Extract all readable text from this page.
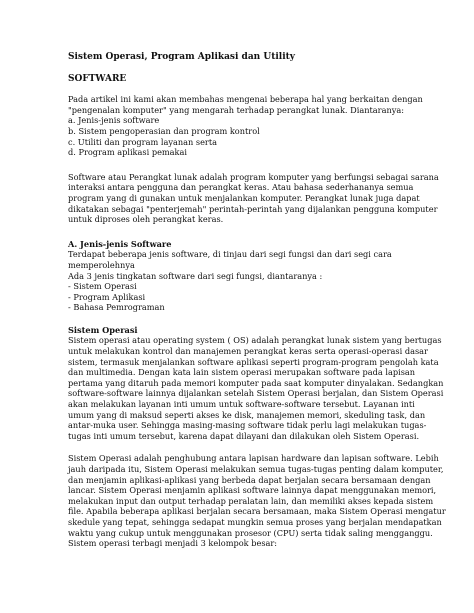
Sistem Operasi, Program Aplikasi dan Utility
SOFTWARE
Pada artikel ini kami akan membahas mengenai beberapa hal yang berkaitan dengan
"pengenalan komputer" yang mengarah terhadap perangkat lunak. Diantaranya:
a. Jenis-jenis software
b. Sistem pengoperasian dan program kontrol
c. Utiliti dan program layanan serta
d. Program aplikasi pemakai
Software atau Perangkat lunak adalah program komputer yang berfungsi sebagai sarana
interaksi antara pengguna dan perangkat keras. Atau bahasa sederhananya semua
program yang di gunakan untuk menjalankan komputer. Perangkat lunak juga dapat
dikatakan sebagai "penterjemah" perintah-perintah yang dijalankan pengguna komputer
untuk diproses oleh perangkat keras.
A. Jenis-jenis Software
Terdapat beberapa jenis software, di tinjau dari segi fungsi dan dari segi cara
memperolehnya
Ada 3 jenis tingkatan software dari segi fungsi, diantaranya :
- Sistem Operasi
- Program Aplikasi
- Bahasa Pemrograman
Sistem Operasi
Sistem operasi atau operating system ( OS) adalah perangkat lunak sistem yang bertugas
untuk melakukan kontrol dan manajemen perangkat keras serta operasi-operasi dasar
sistem, termasuk menjalankan software aplikasi seperti program-program pengolah kata
dan multimedia. Dengan kata lain sistem operasi merupakan software pada lapisan
pertama yang ditaruh pada memori komputer pada saat komputer dinyalakan. Sedangkan
software-software lainnya dijalankan setelah Sistem Operasi berjalan, dan Sistem Operasi
akan melakukan layanan inti umum untuk software-software tersebut. Layanan inti
umum yang di maksud seperti akses ke disk, manajemen memori, skeduling task, dan
antar-muka user. Sehingga masing-masing software tidak perlu lagi melakukan tugas-
tugas inti umum tersebut, karena dapat dilayani dan dilakukan oleh Sistem Operasi.
Sistem Operasi adalah penghubung antara lapisan hardware dan lapisan software. Lebih
jauh daripada itu, Sistem Operasi melakukan semua tugas-tugas penting dalam komputer,
dan menjamin aplikasi-aplikasi yang berbeda dapat berjalan secara bersamaan dengan
lancar. Sistem Operasi menjamin aplikasi software lainnya dapat menggunakan memori,
melakukan input dan output terhadap peralatan lain, dan memiliki akses kepada sistem
file. Apabila beberapa aplikasi berjalan secara bersamaan, maka Sistem Operasi mengatur
skedule yang tepat, sehingga sedapat mungkin semua proses yang berjalan mendapatkan
waktu yang cukup untuk menggunakan prosesor (CPU) serta tidak saling mengganggu.
Sistem operasi terbagi menjadi 3 kelompok besar:
